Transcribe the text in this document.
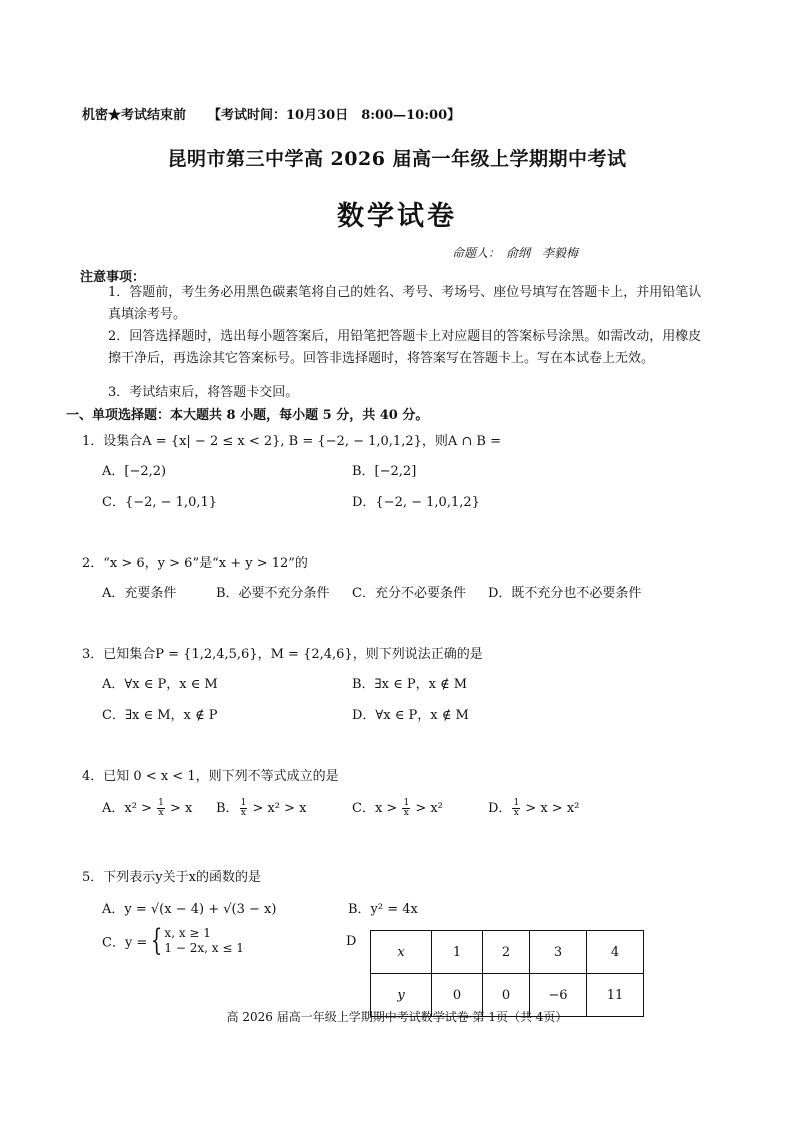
机密★考试结束前 【考试时间：10月30日　8:00—10:00】
昆明市第三中学高 2026 届高一年级上学期期中考试
数学试卷
命题人： 俞纲　李毅梅
注意事项：
1．答题前，考生务必用黑色碳素笔将自己的姓名、考号、考场号、座位号填写在答题卡上，并用铅笔认真填涂考号。
2．回答选择题时，选出每小题答案后，用铅笔把答题卡上对应题目的答案标号涂黑。如需改动，用橡皮擦干净后，再选涂其它答案标号。回答非选择题时，将答案写在答题卡上。写在本试卷上无效。
3．考试结束后，将答题卡交回。
一、单项选择题：本大题共 8 小题，每小题 5 分，共 40 分。
1．设集合A = {x| − 2 ≤ x < 2}, B = {−2, − 1,0,1,2}，则A ∩ B =
A．[−2,2)	B．[−2,2]
C．{−2, − 1,0,1}	D．{−2, − 1,0,1,2}
2．“x > 6，y > 6”是“x + y > 12”的
A．充要条件	B．必要不充分条件 C．充分不必要条件 D．既不充分也不必要条件
3．已知集合P = {1,2,4,5,6}，M = {2,4,6}，则下列说法正确的是
A．∀x ∈ P，x ∈ M	B．∃x ∈ P，x ∉ M
C．∃x ∈ M，x ∉ P	D．∀x ∈ P，x ∉ M
4．已知 0 < x < 1，则下列不等式成立的是
A．$x^2 > \frac{1}{x} > x$ B． $\frac{1}{x} > x^2 > x$	C．$x > \frac{1}{x} > x^2$	D． $\frac{1}{x} > x > x^2$
5．下列表示y关于x的函数的是
A．y = √(x − 4) + √(3 − x)	B．y² = 4x
C．y = { x, x ≥ 1
1 − 2x, x ≤ 1	D
x	1	2	3	4
y	0	0	−6	11
高 2026 届高一年级上学期期中考试数学试卷·第 1页（共 4页）
